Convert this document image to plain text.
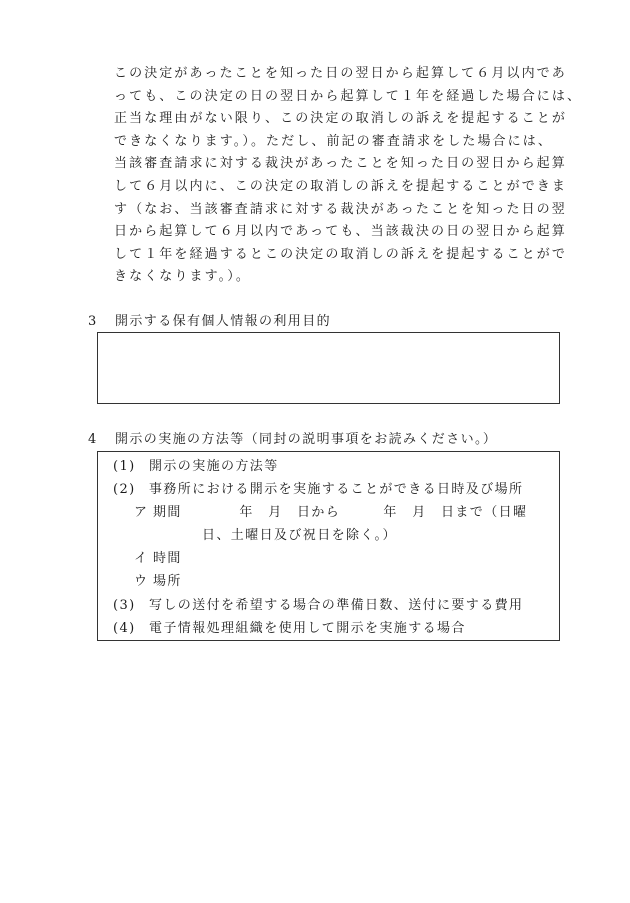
この決定があったことを知った日の翌日から起算して６月以内であ
っても、この決定の日の翌日から起算して１年を経過した場合には、
正当な理由がない限り、この決定の取消しの訴えを提起することが
できなくなります。）。ただし、前記の審査請求をした場合には、
当該審査請求に対する裁決があったことを知った日の翌日から起算
して６月以内に、この決定の取消しの訴えを提起することができま
す（なお、当該審査請求に対する裁決があったことを知った日の翌
日から起算して６月以内であっても、当該裁決の日の翌日から起算
して１年を経過するとこの決定の取消しの訴えを提起することがで
きなくなります。）。
3 開示する保有個人情報の利用目的
4 開示の実施の方法等（同封の説明事項をお読みください。）
(1) 開示の実施の方法等
(2) 事務所における開示を実施することができる日時及び場所
ア 期間　　　　年　月　日から　　　年　月　日まで（日曜
日、土曜日及び祝日を除く。）
イ 時間
ウ 場所
(3) 写しの送付を希望する場合の準備日数、送付に要する費用
(4) 電子情報処理組織を使用して開示を実施する場合
